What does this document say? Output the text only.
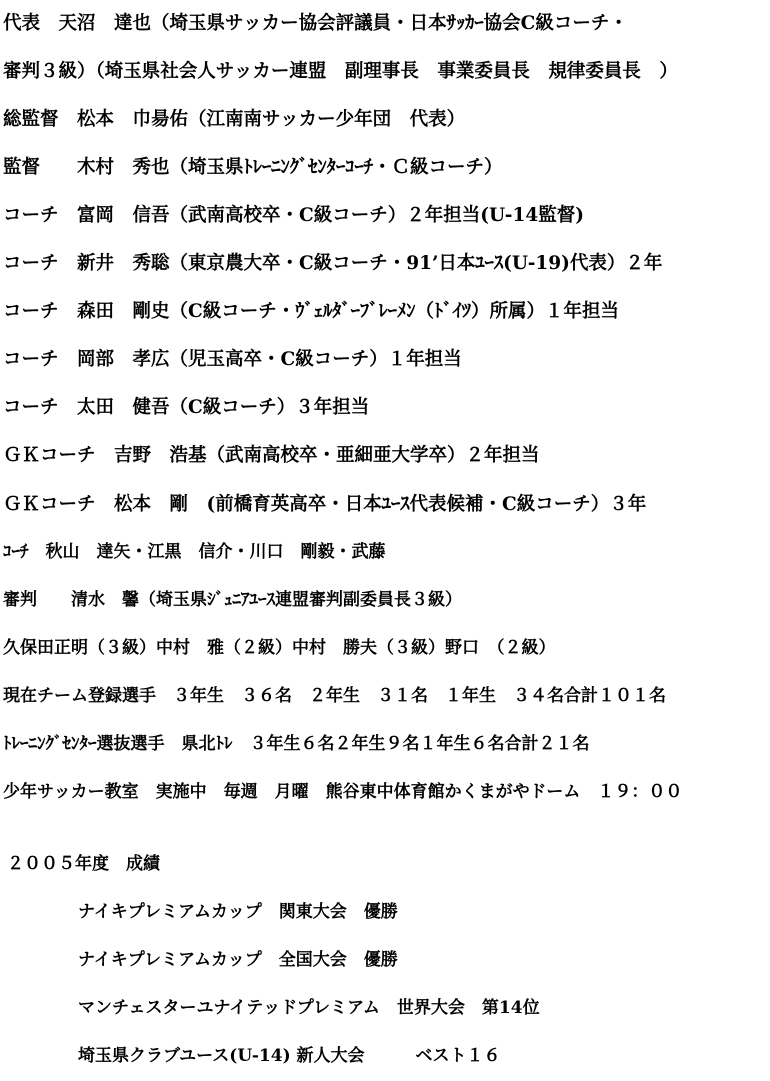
代表　天沼　達也（埼玉県サッカー協会評議員・日本ｻｯｶｰ協会C級コーチ・
審判３級）（埼玉県社会人サッカー連盟　副理事長　事業委員長　規律委員長　）
総監督　松本　巾昜佑（江南南サッカー少年団　代表）
監督　　木村　秀也（埼玉県ﾄﾚｰﾆﾝｸﾞｾﾝﾀｰｺｰﾁ・Ｃ級コーチ）
コーチ　富岡　信吾（武南高校卒・C級コーチ）２年担当(U-14監督)
コーチ　新井　秀聡（東京農大卒・C級コーチ・91’日本ﾕｰｽ(U-19)代表）２年
コーチ　森田　剛史（C級コーチ・ｳﾞｪﾙﾀﾞｰﾌﾞﾚｰﾒﾝ（ﾄﾞｲﾂ）所属）１年担当
コーチ　岡部　孝広（児玉高卒・C級コーチ）１年担当
コーチ　太田　健吾（C級コーチ）３年担当
ＧＫコーチ　吉野　浩基（武南高校卒・亜細亜大学卒）２年担当
ＧＫコーチ　松本　剛　(前橋育英高卒・日本ﾕｰｽ代表候補・C級コーチ）３年
ｺｰﾁ　秋山　達矢・江黒　信介・川口　剛毅・武藤
審判　　清水　馨（埼玉県ｼﾞｭﾆｱﾕｰｽ連盟審判副委員長３級）
久保田正明（３級）中村　雅（２級）中村　勝夫（３級）野口　（２級）
現在チーム登録選手　３年生　３６名　２年生　３１名　１年生　３４名合計１０１名
ﾄﾚｰﾆﾝｸﾞｾﾝﾀｰ選抜選手　県北ﾄﾚ　３年生６名２年生９名１年生６名合計２１名
少年サッカー教室　実施中　毎週　月曜　熊谷東中体育館かくまがやドーム　１９：００
２００５年度　成績
ナイキプレミアムカップ　関東大会　優勝
ナイキプレミアムカップ　全国大会　優勝
マンチェスターユナイテッドプレミアム　世界大会　第14位
埼玉県クラブユース(U-14) 新人大会　　　ベスト１６
